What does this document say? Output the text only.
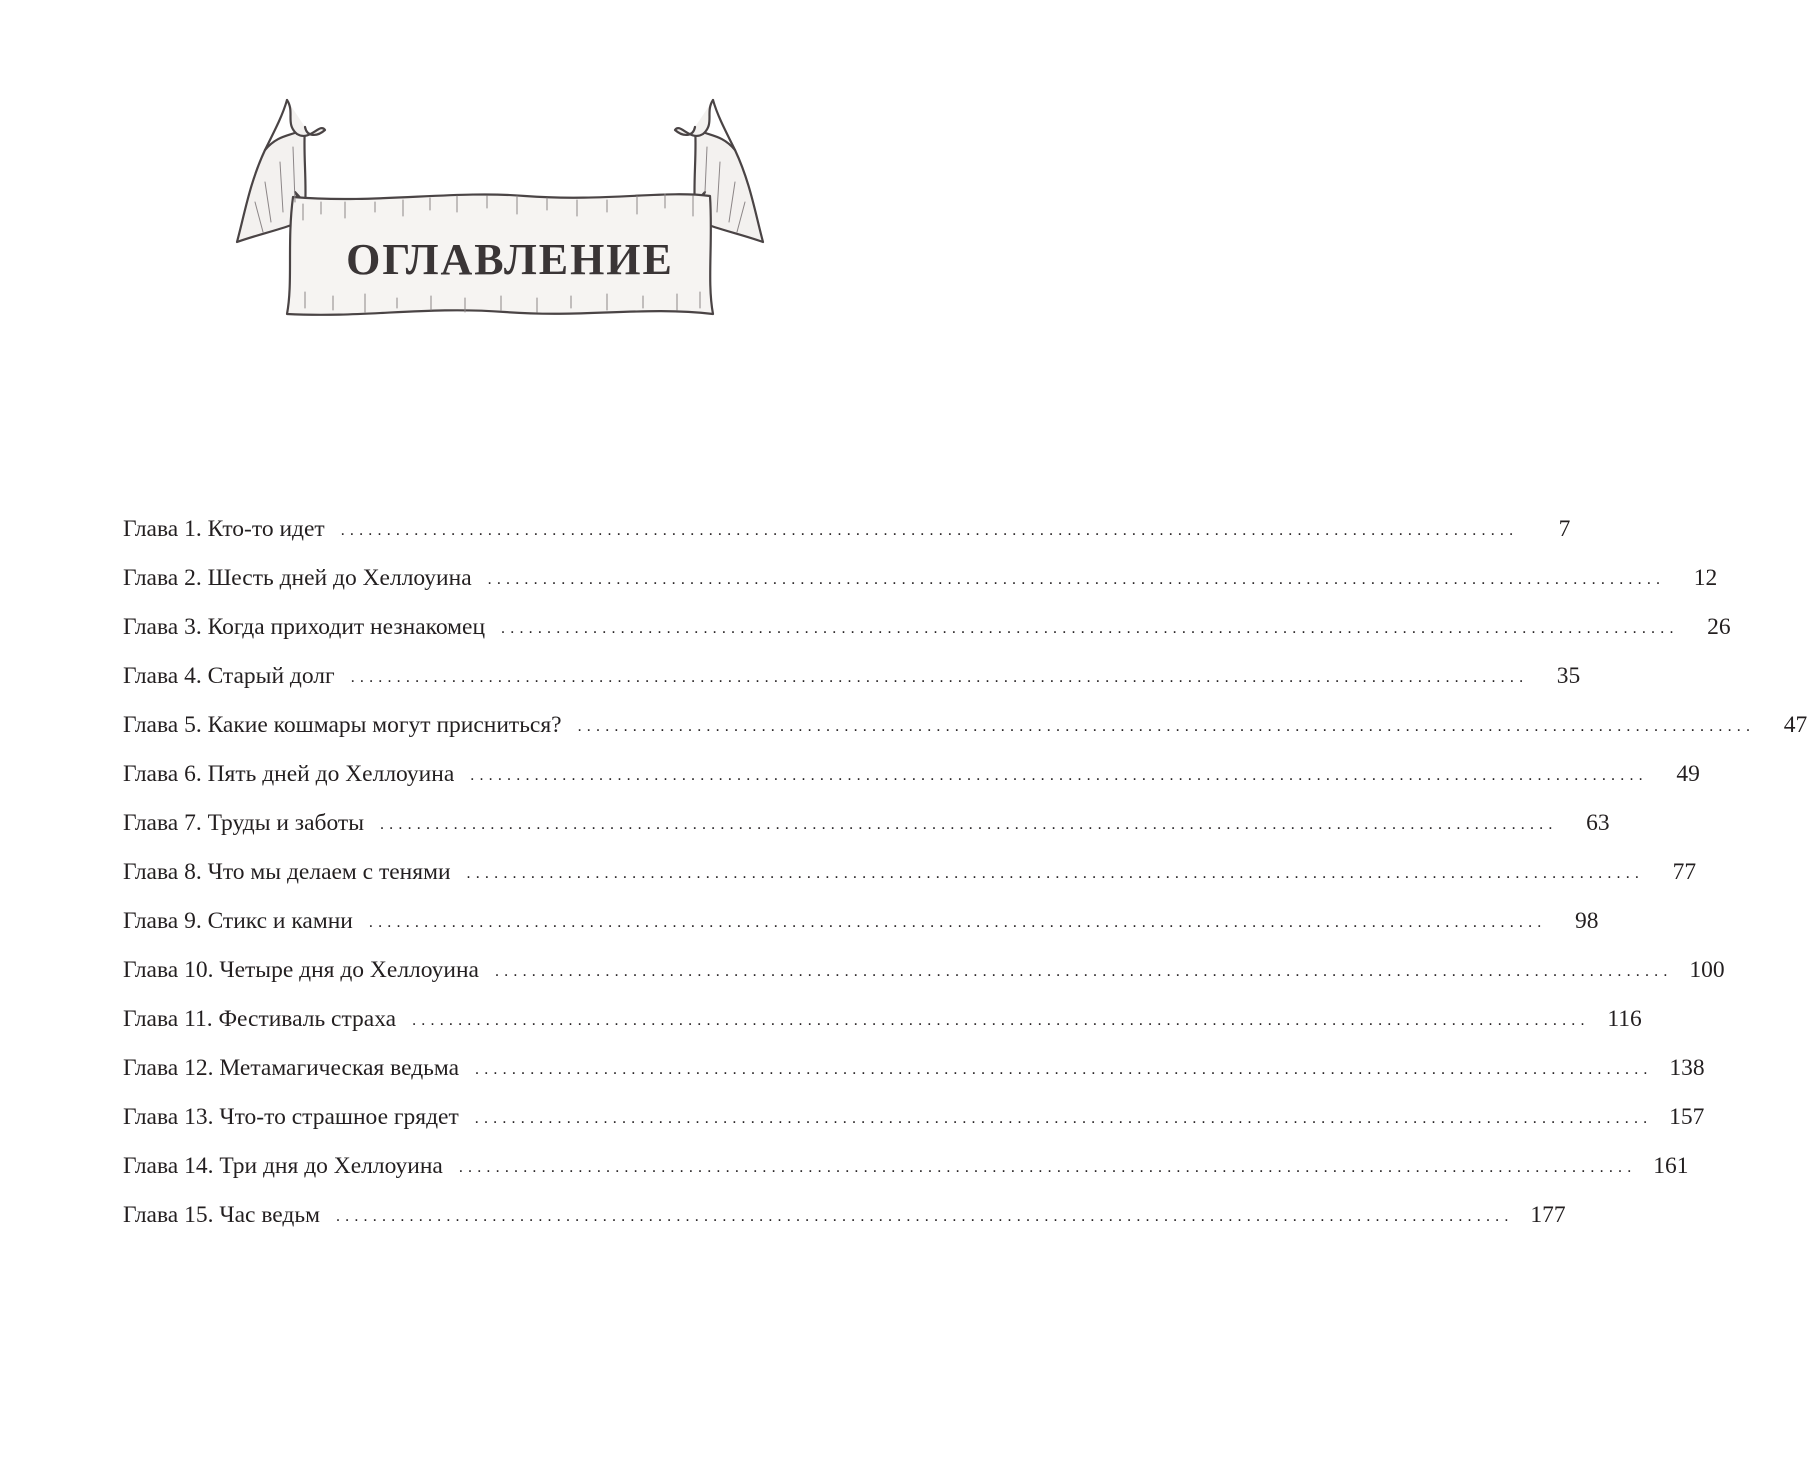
ОГЛАВЛЕНИЕ
Глава 1. Кто-то идет	................................................................................................................................	7
Глава 2. Шесть дней до Хеллоуина	................................................................................................................................	12
Глава 3. Когда приходит незнакомец	................................................................................................................................	26
Глава 4. Старый долг	................................................................................................................................	35
Глава 5. Какие кошмары могут присниться?	................................................................................................................................	47
Глава 6. Пять дней до Хеллоуина	................................................................................................................................	49
Глава 7. Труды и заботы	................................................................................................................................	63
Глава 8. Что мы делаем с тенями	................................................................................................................................	77
Глава 9. Стикс и камни	................................................................................................................................	98
Глава 10. Четыре дня до Хеллоуина	................................................................................................................................ 100
Глава 11. Фестиваль страха	................................................................................................................................ 116
Глава 12. Метамагическая ведьма	................................................................................................................................ 138
Глава 13. Что-то страшное грядет	................................................................................................................................ 157
Глава 14. Три дня до Хеллоуина	................................................................................................................................ 161
Глава 15. Час ведьм	................................................................................................................................ 177
